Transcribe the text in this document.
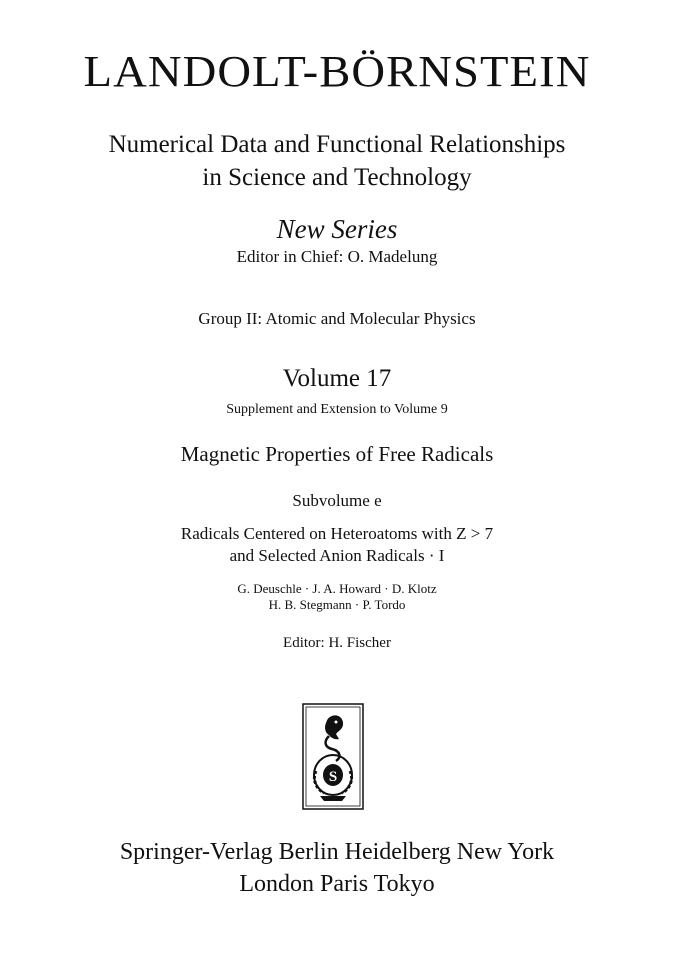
LANDOLT-BÖRNSTEIN
Numerical Data and Functional Relationships
in Science and Technology
New Series
Editor in Chief: O. Madelung
Group II: Atomic and Molecular Physics
Volume 17
Supplement and Extension to Volume 9
Magnetic Properties of Free Radicals
Subvolume e
Radicals Centered on Heteroatoms with Z > 7
and Selected Anion Radicals · I
G. Deuschle · J. A. Howard · D. Klotz
H. B. Stegmann · P. Tordo
Editor: H. Fischer
S
Springer-Verlag Berlin Heidelberg New York
London Paris Tokyo
